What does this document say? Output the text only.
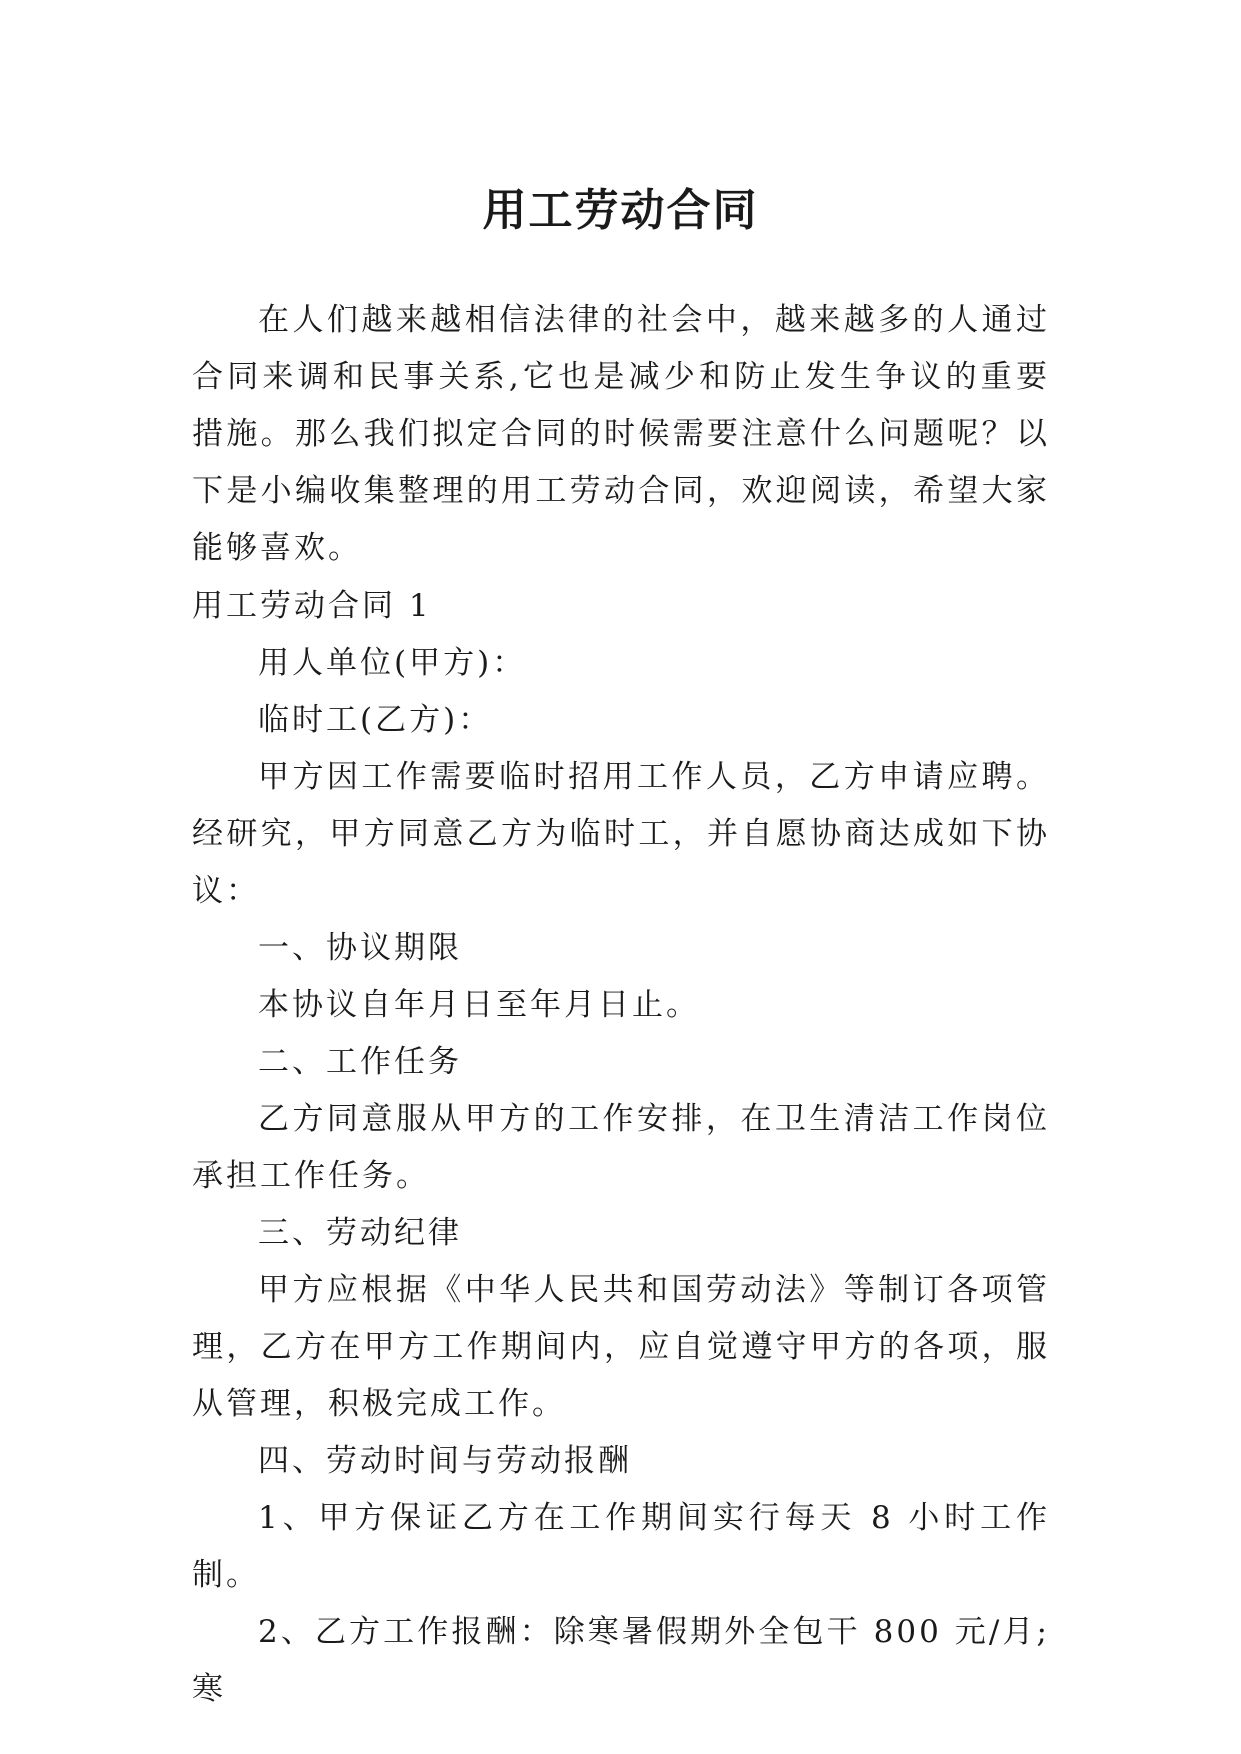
用工劳动合同

在人们越来越相信法律的社会中，越来越多的人通过合同来调和民事关系,它也是减少和防止发生争议的重要措施。那么我们拟定合同的时候需要注意什么问题呢？以下是小编收集整理的用工劳动合同，欢迎阅读，希望大家能够喜欢。

用工劳动合同 1

用人单位(甲方)：

临时工(乙方)：

甲方因工作需要临时招用工作人员，乙方申请应聘。经研究，甲方同意乙方为临时工，并自愿协商达成如下协议：

一、协议期限

本协议自年月日至年月日止。

二、工作任务

乙方同意服从甲方的工作安排，在卫生清洁工作岗位承担工作任务。

三、劳动纪律

甲方应根据《中华人民共和国劳动法》等制订各项管理，乙方在甲方工作期间内，应自觉遵守甲方的各项，服从管理，积极完成工作。

四、劳动时间与劳动报酬

1、甲方保证乙方在工作期间实行每天 8 小时工作制。

2、乙方工作报酬：除寒暑假期外全包干 800 元/月;寒
